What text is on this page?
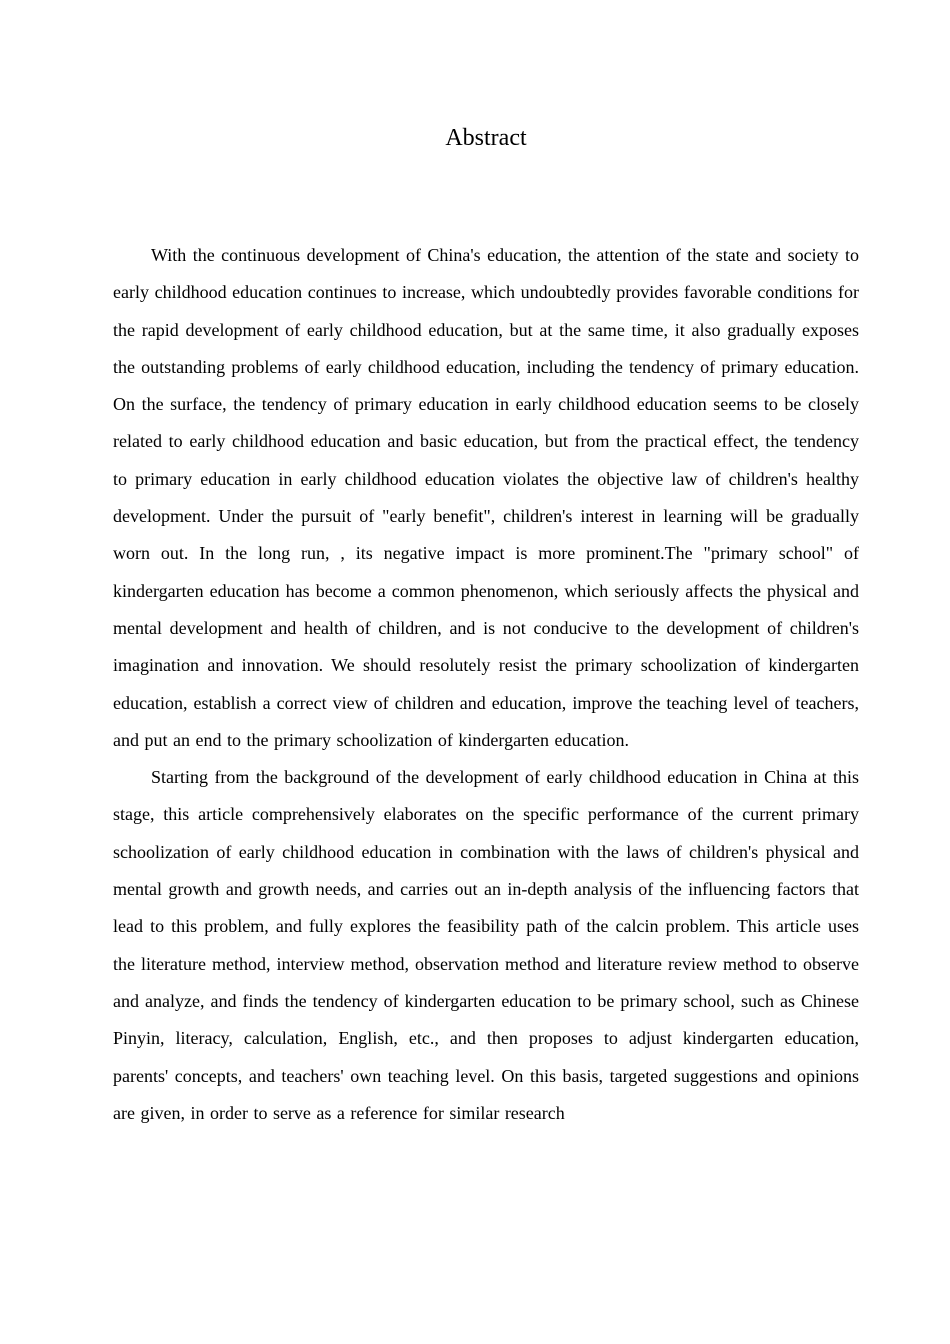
Abstract

With the continuous development of China's education, the attention of the state and society to early childhood education continues to increase, which undoubtedly provides favorable conditions for the rapid development of early childhood education, but at the same time, it also gradually exposes the outstanding problems of early childhood education, including the tendency of primary education. On the surface, the tendency of primary education in early childhood education seems to be closely related to early childhood education and basic education, but from the practical effect, the tendency to primary education in early childhood education violates the objective law of children's healthy development. Under the pursuit of "early benefit", children's interest in learning will be gradually worn out. In the long run, , its negative impact is more prominent.The "primary school" of kindergarten education has become a common phenomenon, which seriously affects the physical and mental development and health of children, and is not conducive to the development of children's imagination and innovation. We should resolutely resist the primary schoolization of kindergarten education, establish a correct view of children and education, improve the teaching level of teachers, and put an end to the primary schoolization of kindergarten education.

Starting from the background of the development of early childhood education in China at this stage, this article comprehensively elaborates on the specific performance of the current primary schoolization of early childhood education in combination with the laws of children's physical and mental growth and growth needs, and carries out an in-depth analysis of the influencing factors that lead to this problem, and fully explores the feasibility path of the calcin problem. This article uses the literature method, interview method, observation method and literature review method to observe and analyze, and finds the tendency of kindergarten education to be primary school, such as Chinese Pinyin, literacy, calculation, English, etc., and then proposes to adjust kindergarten education, parents' concepts, and teachers' own teaching level. On this basis, targeted suggestions and opinions are given, in order to serve as a reference for similar research
